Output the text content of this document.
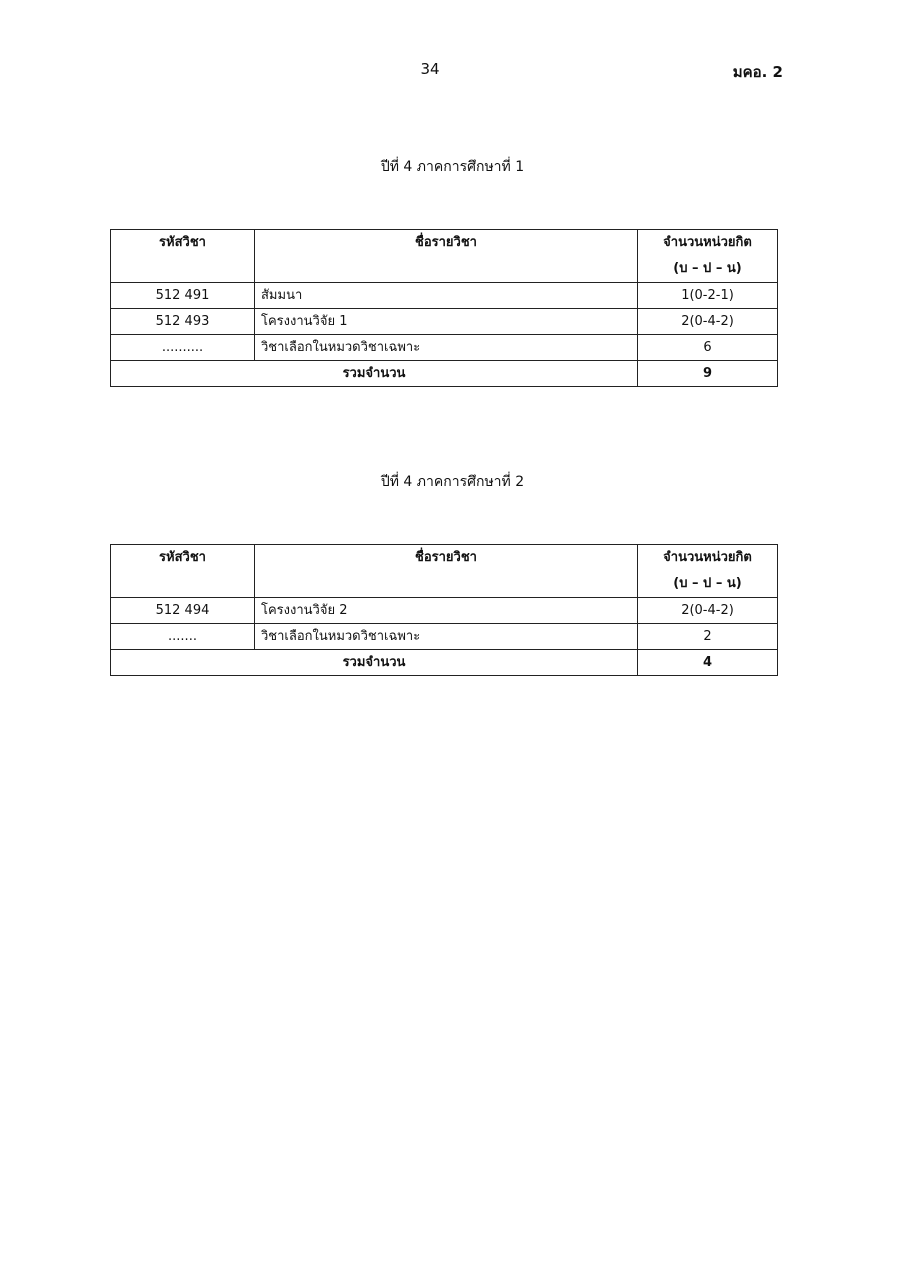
34	มคอ. 2
ปีที่ 4 ภาคการศึกษาที่ 1
รหัสวิชา	ชื่อรายวิชา	จำนวนหน่วยกิต
(บ – ป – น)

512 491	สัมมนา	1(0-2-1)
512 493	โครงงานวิจัย 1	2(0-4-2)
..........	วิชาเลือกในหมวดวิชาเฉพาะ	6
รวมจำนวน		9
ปีที่ 4 ภาคการศึกษาที่ 2
รหัสวิชา	ชื่อรายวิชา	จำนวนหน่วยกิต
(บ – ป – น)

512 494	โครงงานวิจัย 2	2(0-4-2)
.......	วิชาเลือกในหมวดวิชาเฉพาะ	2
รวมจำนวน		4
